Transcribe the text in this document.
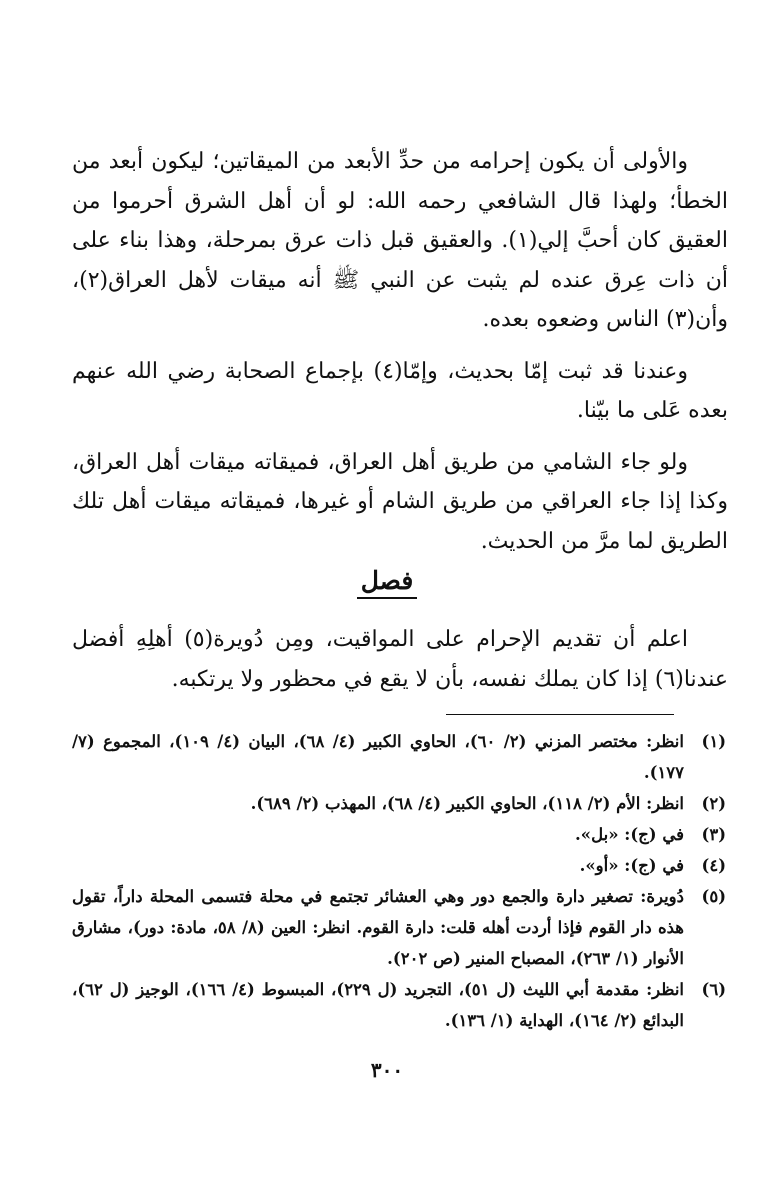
والأولى أن يكون إحرامه من حدِّ الأبعد من الميقاتين؛ ليكون أبعد من الخطأ؛ ولهذا قال الشافعي رحمه الله: لو أن أهل الشرق أحرموا من العقيق كان أحبَّ إلي(١). والعقيق قبل ذات عرق بمرحلة، وهذا بناء على أن ذات عِرق عنده لم يثبت عن النبي ﷺ أنه ميقات لأهل العراق(٢)، وأن(٣) الناس وضعوه بعده.

وعندنا قد ثبت إمّا بحديث، وإمّا(٤) بإجماع الصحابة رضي الله عنهم بعده عَلى ما بيّنا.

ولو جاء الشامي من طريق أهل العراق، فميقاته ميقات أهل العراق، وكذا إذا جاء العراقي من طريق الشام أو غيرها، فميقاته ميقات أهل تلك الطريق لما مرَّ من الحديث.

فصل

اعلم أن تقديم الإحرام على المواقيت، ومِن دُويرة(٥) أهلِهِ أفضل عندنا(٦) إذا كان يملك نفسه، بأن لا يقع في محظور ولا يرتكبه.

(١)
انظر: مختصر المزني (٢/ ٦٠)، الحاوي الكبير (٤/ ٦٨)، البيان (٤/ ١٠٩)، المجموع (٧/ ١٧٧).
(٢)
انظر: الأم (٢/ ١١٨)، الحاوي الكبير (٤/ ٦٨)، المهذب (٢/ ٦٨٩).
(٣)
في (ج): «بل».
(٤)
في (ج): «أو».
(٥)
دُويرة: تصغير دارة والجمع دور وهي العشائر تجتمع في محلة فتسمى المحلة داراً، تقول هذه دار القوم فإذا أردت أهله قلت: دارة القوم. انظر: العين (٨/ ٥٨، مادة: دور)، مشارق الأنوار (١/ ٢٦٣)، المصباح المنير (ص ٢٠٢).
(٦)
انظر: مقدمة أبي الليث (ل ٥١)، التجريد (ل ٢٢٩)، المبسوط (٤/ ١٦٦)، الوجيز (ل ٦٢)، البدائع (٢/ ١٦٤)، الهداية (١/ ١٣٦).
٣٠٠
